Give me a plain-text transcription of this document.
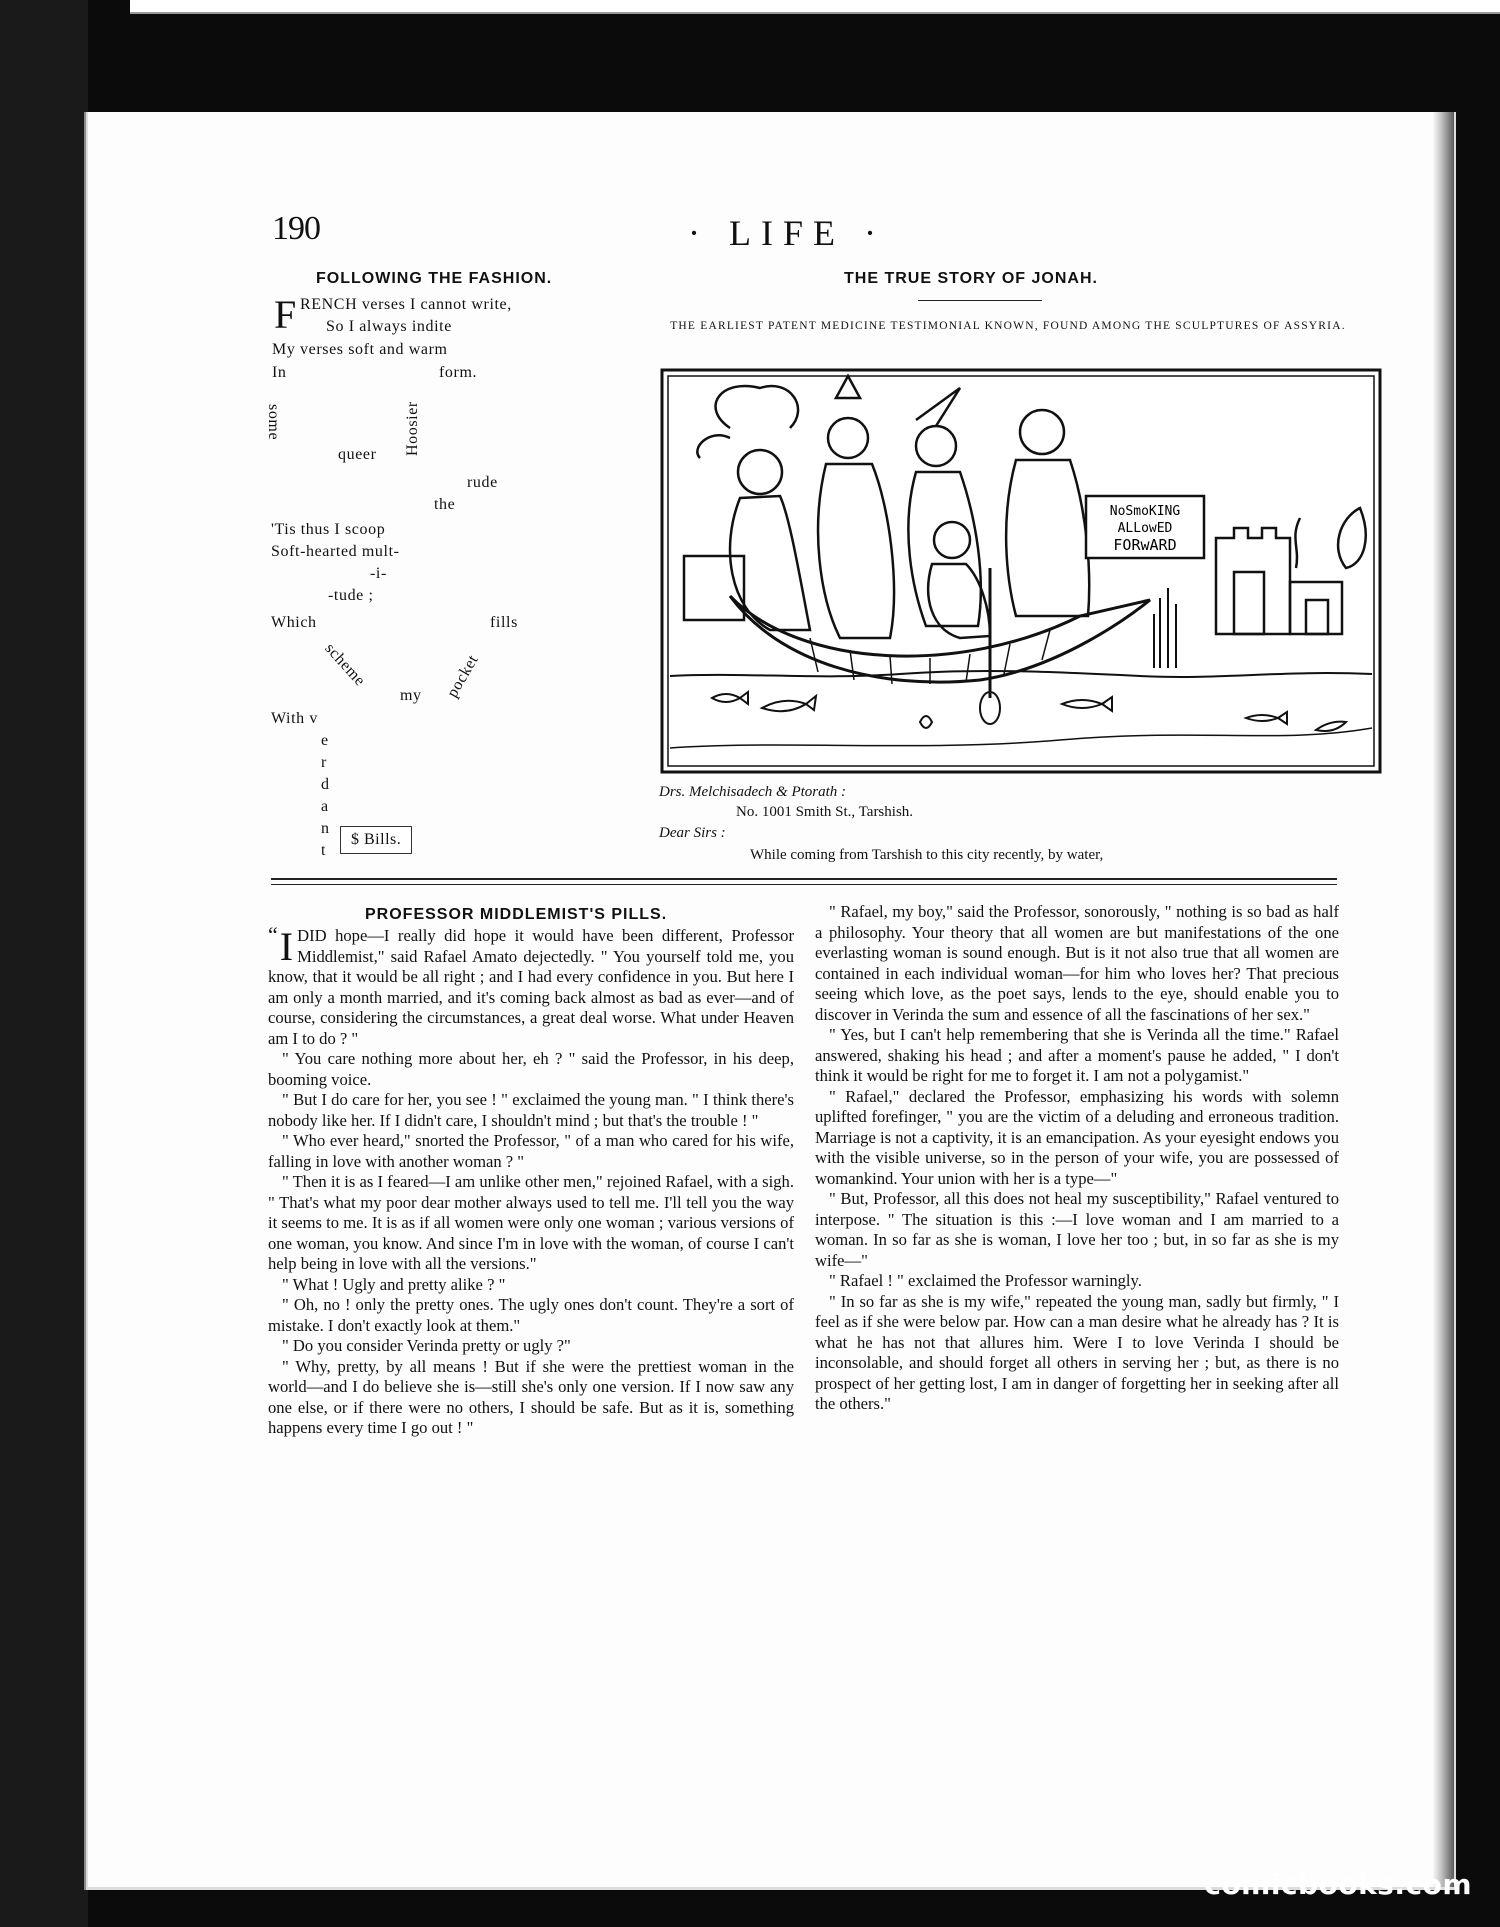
190	· LIFE ·
FOLLOWING THE FASHION.
F RENCH verses I cannot write,
So I always indite
My verses soft and warm
In	form.
some	Hoosier
queer
rude
the
'Tis thus I scoop
Soft-hearted mult-
-i-
-tude ;
Which	fills
scheme
my pocket
With v
e
r
d
a
n
t
$ Bills.
THE TRUE STORY OF JONAH.
THE EARLIEST PATENT MEDICINE TESTIMONIAL KNOWN, FOUND AMONG THE SCULPTURES OF ASSYRIA.
NoSmoKING
ALLowED
FORwARD
Drs. Melchisadech & Ptorath :
No. 1001 Smith St., Tarshish.
Dear Sirs :
While coming from Tarshish to this city recently, by water,
PROFESSOR MIDDLEMIST'S PILLS.

“ I DID hope—I really did hope it would have been different, Professor Middlemist," said Rafael Amato dejectedly. " You yourself told me, you know, that it would be all right ; and I had every confidence in you. But here I am only a month married, and it's coming back almost as bad as ever—and of course, considering the circumstances, a great deal worse. What under Heaven am I to do ? "

" You care nothing more about her, eh ? " said the Professor, in his deep, booming voice.

" But I do care for her, you see ! " exclaimed the young man. " I think there's nobody like her. If I didn't care, I shouldn't mind ; but that's the trouble ! "

" Who ever heard," snorted the Professor, " of a man who cared for his wife, falling in love with another woman ? "

" Then it is as I feared—I am unlike other men," rejoined Rafael, with a sigh. " That's what my poor dear mother always used to tell me. I'll tell you the way it seems to me. It is as if all women were only one woman ; various versions of one woman, you know. And since I'm in love with the woman, of course I can't help being in love with all the versions."

" What ! Ugly and pretty alike ? "

" Oh, no ! only the pretty ones. The ugly ones don't count. They're a sort of mistake. I don't exactly look at them."

" Do you consider Verinda pretty or ugly ?"

" Why, pretty, by all means ! But if she were the prettiest woman in the world—and I do believe she is—still she's only one version. If I now saw any one else, or if there were no others, I should be safe. But as it is, something happens every time I go out ! "

" Rafael, my boy," said the Professor, sonorously, " nothing is so bad as half a philosophy. Your theory that all women are but manifestations of the one everlasting woman is sound enough. But is it not also true that all women are contained in each individual woman—for him who loves her? That precious seeing which love, as the poet says, lends to the eye, should enable you to discover in Verinda the sum and essence of all the fascinations of her sex."

" Yes, but I can't help remembering that she is Verinda all the time." Rafael answered, shaking his head ; and after a moment's pause he added, " I don't think it would be right for me to forget it. I am not a polygamist."

" Rafael," declared the Professor, emphasizing his words with solemn uplifted forefinger, " you are the victim of a deluding and erroneous tradition. Marriage is not a captivity, it is an emancipation. As your eyesight endows you with the visible universe, so in the person of your wife, you are possessed of womankind. Your union with her is a type—"

" But, Professor, all this does not heal my susceptibility," Rafael ventured to interpose. " The situation is this :—I love woman and I am married to a woman. In so far as she is woman, I love her too ; but, in so far as she is my wife—"

" Rafael ! " exclaimed the Professor warningly.

" In so far as she is my wife," repeated the young man, sadly but firmly, " I feel as if she were below par. How can a man desire what he already has ? It is what he has not that allures him. Were I to love Verinda I should be inconsolable, and should forget all others in serving her ; but, as there is no prospect of her getting lost, I am in danger of forgetting her in seeking after all the others."

comicbooks.com
